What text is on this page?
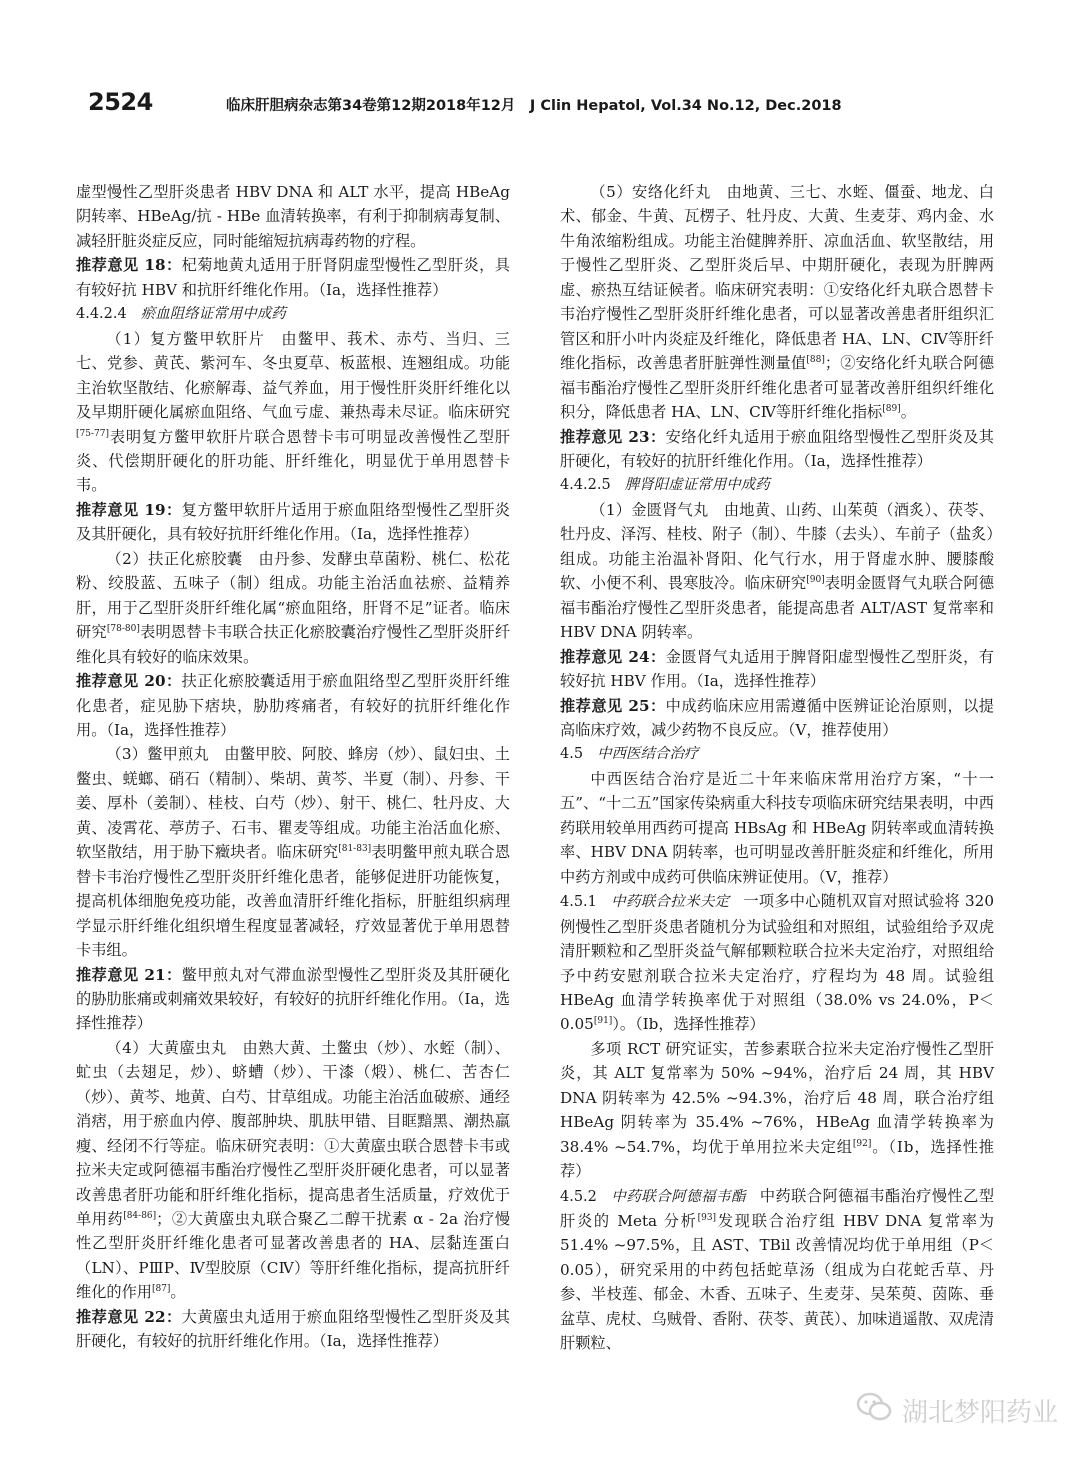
2524	临床肝胆病杂志第34卷第12期2018年12月　J Clin Hepatol, Vol.34 No.12, Dec.2018

虚型慢性乙型肝炎患者 HBV DNA 和 ALT 水平，提高 HBeAg 阴转率、HBeAg/抗 - HBe 血清转换率，有利于抑制病毒复制、减轻肝脏炎症反应，同时能缩短抗病毒药物的疗程。

推荐意见 18：杞菊地黄丸适用于肝肾阴虚型慢性乙型肝炎，具有较好抗 HBV 和抗肝纤维化作用。（Ⅰa，选择性推荐）

4.4.2.4 瘀血阻络证常用中成药

（1）复方鳖甲软肝片　由鳖甲、莪术、赤芍、当归、三七、党参、黄芪、紫河车、冬虫夏草、板蓝根、连翘组成。功能主治软坚散结、化瘀解毒、益气养血，用于慢性肝炎肝纤维化以及早期肝硬化属瘀血阻络、气血亏虚、兼热毒未尽证。临床研究[75-77]表明复方鳖甲软肝片联合恩替卡韦可明显改善慢性乙型肝炎、代偿期肝硬化的肝功能、肝纤维化，明显优于单用恩替卡韦。

推荐意见 19：复方鳖甲软肝片适用于瘀血阻络型慢性乙型肝炎及其肝硬化，具有较好抗肝纤维化作用。（Ⅰa，选择性推荐）

（2）扶正化瘀胶囊　由丹参、发酵虫草菌粉、桃仁、松花粉、绞股蓝、五味子（制）组成。功能主治活血祛瘀、益精养肝，用于乙型肝炎肝纤维化属“瘀血阻络，肝肾不足”证者。临床研究[78-80]表明恩替卡韦联合扶正化瘀胶囊治疗慢性乙型肝炎肝纤维化具有较好的临床效果。

推荐意见 20：扶正化瘀胶囊适用于瘀血阻络型乙型肝炎肝纤维化患者，症见胁下痞块，胁肋疼痛者，有较好的抗肝纤维化作用。（Ⅰa，选择性推荐）

（3）鳖甲煎丸　由鳖甲胶、阿胶、蜂房（炒）、鼠妇虫、土鳖虫、蜣螂、硝石（精制）、柴胡、黄芩、半夏（制）、丹参、干姜、厚朴（姜制）、桂枝、白芍（炒）、射干、桃仁、牡丹皮、大黄、凌霄花、葶苈子、石韦、瞿麦等组成。功能主治活血化瘀、软坚散结，用于胁下癥块者。临床研究[81-83]表明鳖甲煎丸联合恩替卡韦治疗慢性乙型肝炎肝纤维化患者，能够促进肝功能恢复，提高机体细胞免疫功能，改善血清肝纤维化指标，肝脏组织病理学显示肝纤维化组织增生程度显著减轻，疗效显著优于单用恩替卡韦组。

推荐意见 21：鳖甲煎丸对气滞血淤型慢性乙型肝炎及其肝硬化的胁肋胀痛或刺痛效果较好，有较好的抗肝纤维化作用。（Ⅰa，选择性推荐）

（4）大黄䗪虫丸　由熟大黄、土鳖虫（炒）、水蛭（制）、虻虫（去翅足，炒）、蛴螬（炒）、干漆（煅）、桃仁、苦杏仁（炒）、黄芩、地黄、白芍、甘草组成。功能主治活血破瘀、通经消痞，用于瘀血内停、腹部肿块、肌肤甲错、目眶黯黑、潮热羸瘦、经闭不行等症。临床研究表明：①大黄䗪虫联合恩替卡韦或拉米夫定或阿德福韦酯治疗慢性乙型肝炎肝硬化患者，可以显著改善患者肝功能和肝纤维化指标，提高患者生活质量，疗效优于单用药[84-86]；②大黄䗪虫丸联合聚乙二醇干扰素 α - 2a 治疗慢性乙型肝炎肝纤维化患者可显著改善患者的 HA、层黏连蛋白（LN）、PⅢP、Ⅳ型胶原（CⅣ）等肝纤维化指标，提高抗肝纤维化的作用[87]。

推荐意见 22：大黄䗪虫丸适用于瘀血阻络型慢性乙型肝炎及其肝硬化，有较好的抗肝纤维化作用。（Ⅰa，选择性推荐）

（5）安络化纤丸　由地黄、三七、水蛭、僵蚕、地龙、白术、郁金、牛黄、瓦楞子、牡丹皮、大黄、生麦芽、鸡内金、水牛角浓缩粉组成。功能主治健脾养肝、凉血活血、软坚散结，用于慢性乙型肝炎、乙型肝炎后早、中期肝硬化，表现为肝脾两虚、瘀热互结证候者。临床研究表明：①安络化纤丸联合恩替卡韦治疗慢性乙型肝炎肝纤维化患者，可以显著改善患者肝组织汇管区和肝小叶内炎症及纤维化，降低患者 HA、LN、CⅣ等肝纤维化指标，改善患者肝脏弹性测量值[88]；②安络化纤丸联合阿德福韦酯治疗慢性乙型肝炎肝纤维化患者可显著改善肝组织纤维化积分，降低患者 HA、LN、CⅣ等肝纤维化指标[89]。

推荐意见 23：安络化纤丸适用于瘀血阻络型慢性乙型肝炎及其肝硬化，有较好的抗肝纤维化作用。（Ⅰa，选择性推荐）

4.4.2.5 脾肾阳虚证常用中成药

（1）金匮肾气丸　由地黄、山药、山茱萸（酒炙）、茯苓、牡丹皮、泽泻、桂枝、附子（制）、牛膝（去头）、车前子（盐炙）组成。功能主治温补肾阳、化气行水，用于肾虚水肿、腰膝酸软、小便不利、畏寒肢冷。临床研究[90]表明金匮肾气丸联合阿德福韦酯治疗慢性乙型肝炎患者，能提高患者 ALT/AST 复常率和 HBV DNA 阴转率。

推荐意见 24：金匮肾气丸适用于脾肾阳虚型慢性乙型肝炎，有较好抗 HBV 作用。（Ⅰa，选择性推荐）

推荐意见 25：中成药临床应用需遵循中医辨证论治原则，以提高临床疗效，减少药物不良反应。（Ⅴ，推荐使用）

4.5 中西医结合治疗

中西医结合治疗是近二十年来临床常用治疗方案，“十一五”、“十二五”国家传染病重大科技专项临床研究结果表明，中西药联用较单用西药可提高 HBsAg 和 HBeAg 阴转率或血清转换率、HBV DNA 阴转率，也可明显改善肝脏炎症和纤维化，所用中药方剂或中成药可供临床辨证使用。（Ⅴ，推荐）

4.5.1 中药联合拉米夫定 一项多中心随机双盲对照试验将 320 例慢性乙型肝炎患者随机分为试验组和对照组，试验组给予双虎清肝颗粒和乙型肝炎益气解郁颗粒联合拉米夫定治疗，对照组给予中药安慰剂联合拉米夫定治疗，疗程均为 48 周。试验组 HBeAg 血清学转换率优于对照组（38.0% vs 24.0%，P＜0.05[91]）。（Ⅰb，选择性推荐）

多项 RCT 研究证实，苦参素联合拉米夫定治疗慢性乙型肝炎，其 ALT 复常率为 50% ~94%，治疗后 24 周，其 HBV DNA 阴转率为 42.5% ~94.3%，治疗后 48 周，联合治疗组 HBeAg 阴转率为 35.4% ~76%，HBeAg 血清学转换率为 38.4% ~54.7%，均优于单用拉米夫定组[92]。（Ⅰb，选择性推荐）

4.5.2 中药联合阿德福韦酯 中药联合阿德福韦酯治疗慢性乙型肝炎的 Meta 分析[93]发现联合治疗组 HBV DNA 复常率为 51.4% ~97.5%，且 AST、TBil 改善情况均优于单用组（P＜0.05），研究采用的中药包括蛇草汤（组成为白花蛇舌草、丹参、半枝莲、郁金、木香、五味子、生麦芽、吴茱萸、茵陈、垂盆草、虎杖、乌贼骨、香附、茯苓、黄芪）、加味逍遥散、双虎清肝颗粒、

湖北梦阳药业
